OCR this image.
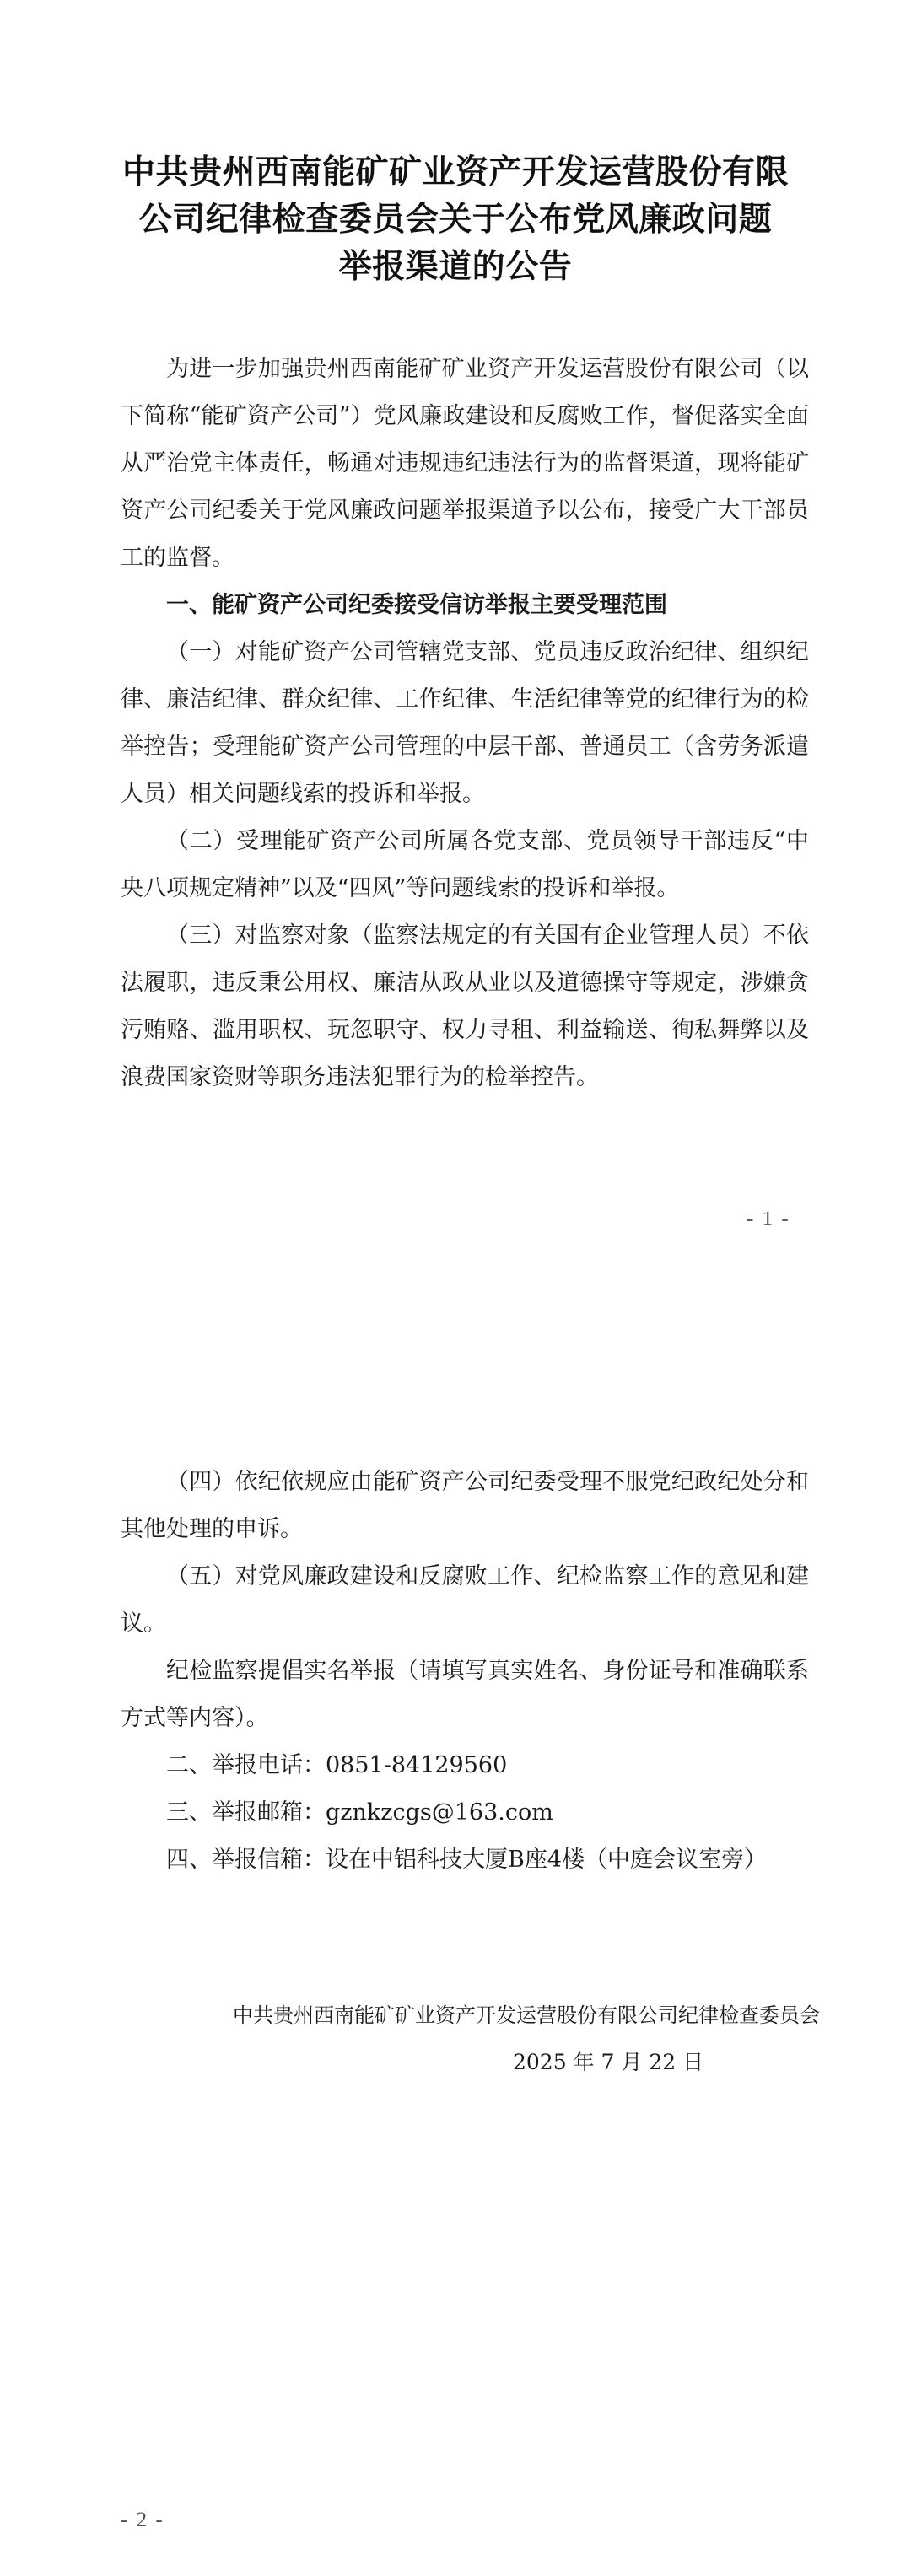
中共贵州西南能矿矿业资产开发运营股份有限
公司纪律检查委员会关于公布党风廉政问题
举报渠道的公告

为进一步加强贵州西南能矿矿业资产开发运营股份有限公司（以下简称“能矿资产公司”）党风廉政建设和反腐败工作，督促落实全面从严治党主体责任，畅通对违规违纪违法行为的监督渠道，现将能矿资产公司纪委关于党风廉政问题举报渠道予以公布，接受广大干部员工的监督。

一、能矿资产公司纪委接受信访举报主要受理范围

（一）对能矿资产公司管辖党支部、党员违反政治纪律、组织纪律、廉洁纪律、群众纪律、工作纪律、生活纪律等党的纪律行为的检举控告；受理能矿资产公司管理的中层干部、普通员工（含劳务派遣人员）相关问题线索的投诉和举报。

（二）受理能矿资产公司所属各党支部、党员领导干部违反“中央八项规定精神”以及“四风”等问题线索的投诉和举报。

（三）对监察对象（监察法规定的有关国有企业管理人员）不依法履职，违反秉公用权、廉洁从政从业以及道德操守等规定，涉嫌贪污贿赂、滥用职权、玩忽职守、权力寻租、利益输送、徇私舞弊以及浪费国家资财等职务违法犯罪行为的检举控告。

- 1 -

（四）依纪依规应由能矿资产公司纪委受理不服党纪政纪处分和其他处理的申诉。

（五）对党风廉政建设和反腐败工作、纪检监察工作的意见和建议。

纪检监察提倡实名举报（请填写真实姓名、身份证号和准确联系方式等内容）。

二、举报电话：0851-84129560

三、举报邮箱：gznkzcgs@163.com

四、举报信箱：设在中铝科技大厦B座4楼（中庭会议室旁）

- 2 -
中共贵州西南能矿矿业资产开发运营股份有限公司纪律检查委员会
2025 年 7 月 22 日
